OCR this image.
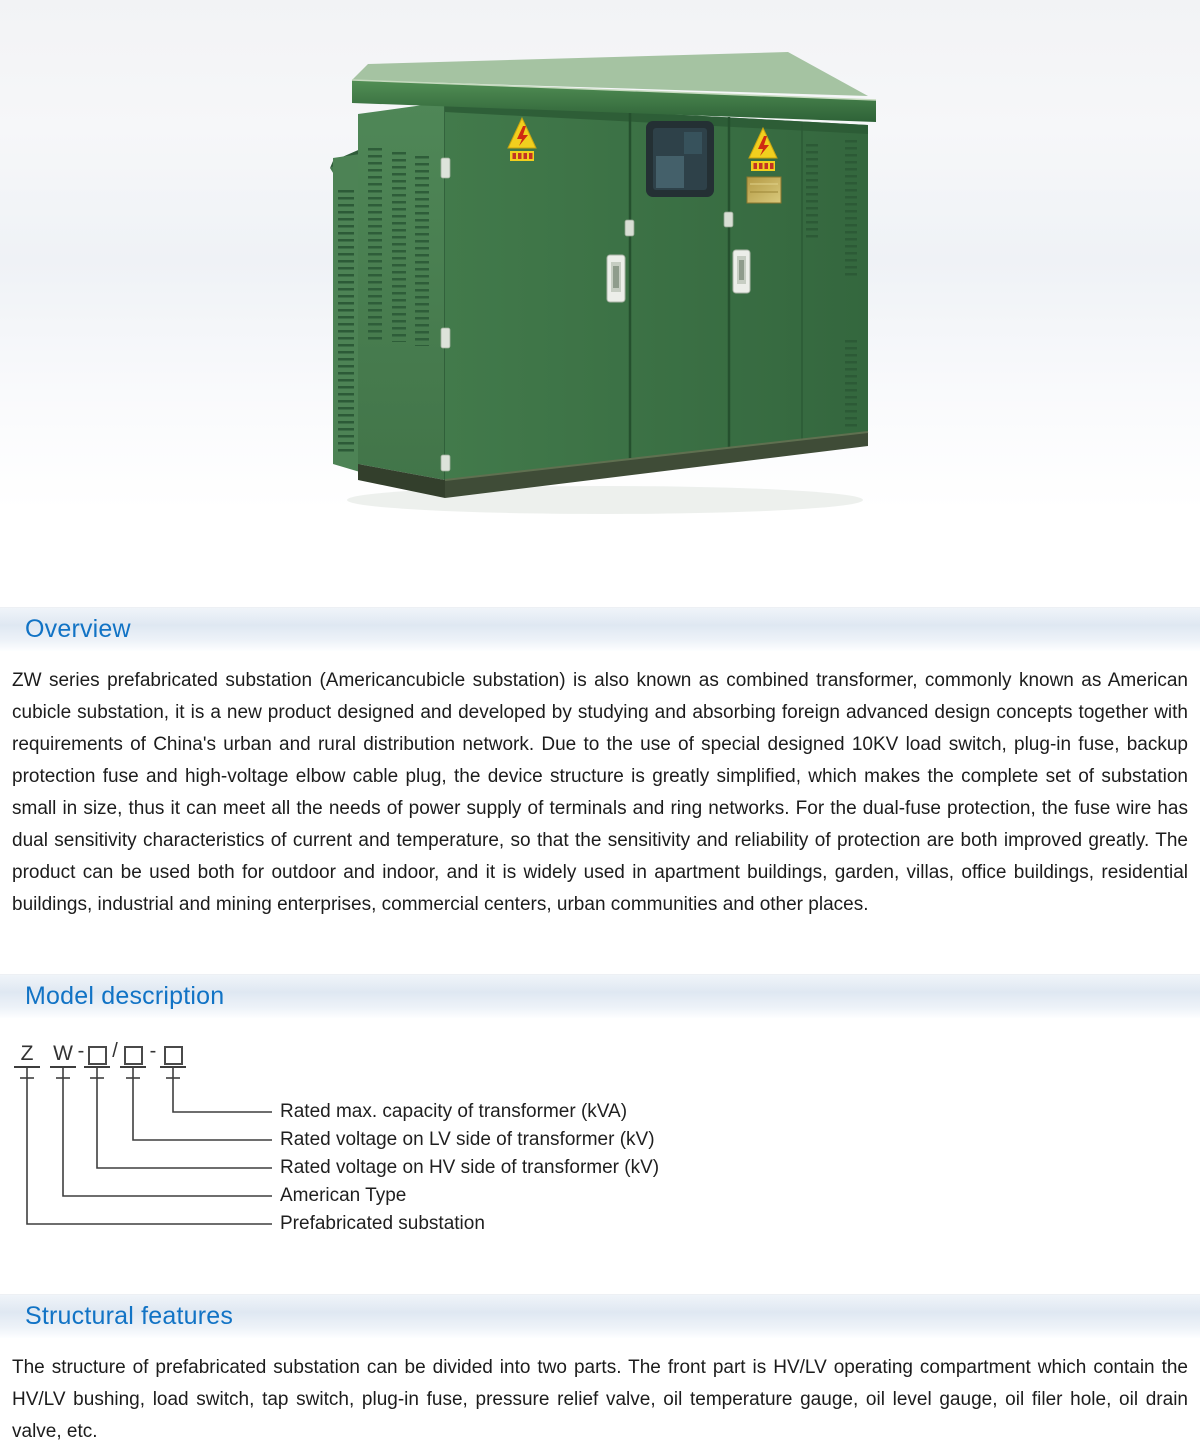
Overview

ZW series prefabricated substation (Americancubicle substation) is also known as combined transformer, commonly known as American cubicle substation, it is a new product designed and developed by studying and absorbing foreign advanced design concepts together with requirements of China's urban and rural distribution network. Due to the use of special designed 10KV load switch, plug-in fuse, backup protection fuse and high-voltage elbow cable plug, the device structure is greatly simplified, which makes the complete set of substation small in size, thus it can meet all the needs of power supply of terminals and ring networks. For the dual-fuse protection, the fuse wire has dual sensitivity characteristics of current and temperature, so that the sensitivity and reliability of protection are both improved greatly. The product can be used both for outdoor and indoor, and it is widely used in apartment buildings, garden, villas, office buildings, residential buildings, industrial and mining enterprises, commercial centers, urban communities and other places.

Model description
Z W - / -
Rated max. capacity of transformer (kVA)
Rated voltage on LV side of transformer (kV)
Rated voltage on HV side of transformer (kV)
American Type
Prefabricated substation
Structural features

The structure of prefabricated substation can be divided into two parts. The front part is HV/LV operating compartment which contain the HV/LV bushing, load switch, tap switch, plug-in fuse, pressure relief valve, oil temperature gauge, oil level gauge, oil filer hole, oil drain valve, etc.
